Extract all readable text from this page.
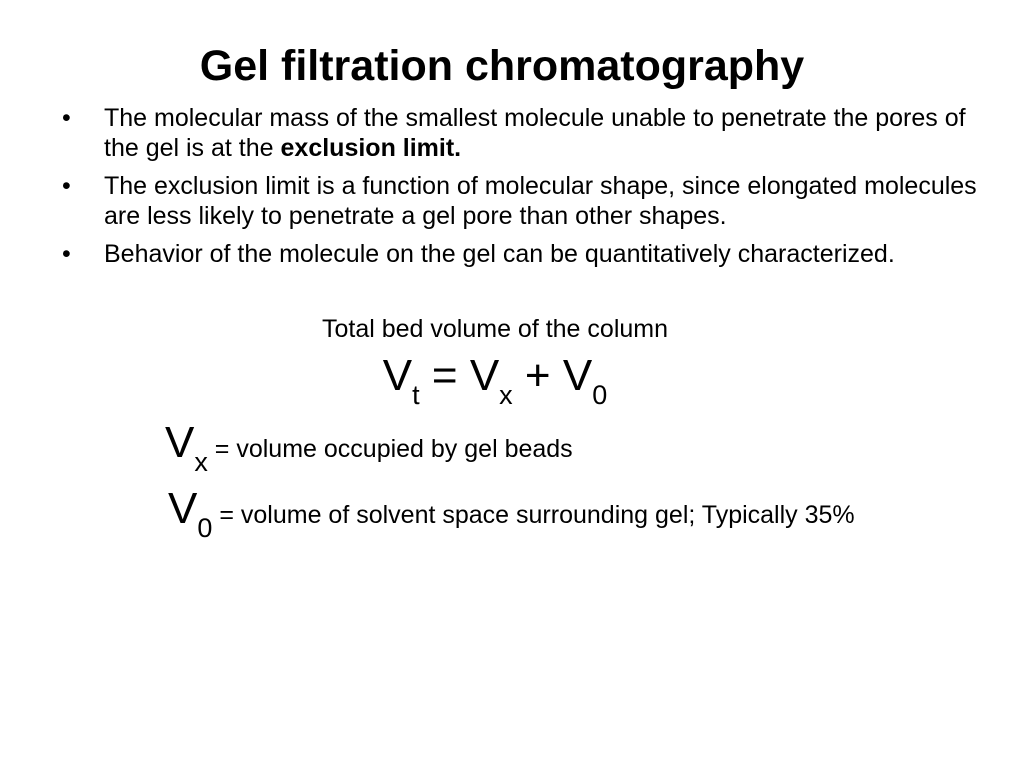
Gel filtration chromatography
• The molecular mass of the smallest molecule unable to penetrate the pores of the gel is at the exclusion limit.
• The exclusion limit is a function of molecular shape, since elongated molecules are less likely to penetrate a gel pore than other shapes.
• Behavior of the molecule on the gel can be quantitatively characterized.
Total bed volume of the column
$V_t = V_x + V_0$
Vx = volume occupied by gel beads
V0 = volume of solvent space surrounding gel; Typically 35%
